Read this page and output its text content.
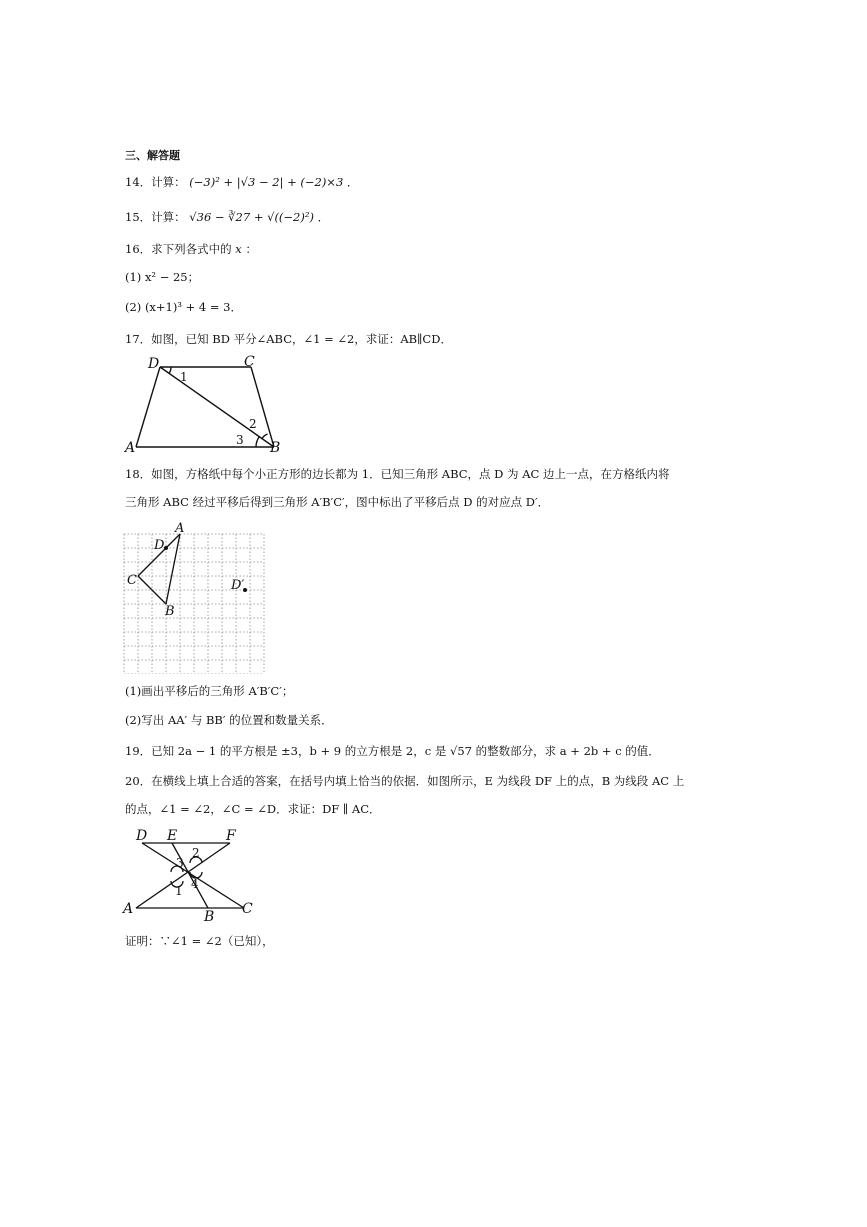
三、解答题
14．计算： (−3)² + |√3 − 2| + (−2)×3 ．
15．计算： √36 − ∛27 + √((−2)²) ．
16．求下列各式中的 x ：
(1) x² − 25；
(2) (x+1)³ + 4 = 3．
17．如图，已知 BD 平分∠ABC，∠1 = ∠2，求证：AB∥CD．
D	C
A	B
1
2
3
18．如图，方格纸中每个小正方形的边长都为 1．已知三角形 ABC，点 D 为 AC 边上一点，在方格纸内将
三角形 ABC 经过平移后得到三角形 A′B′C′，图中标出了平移后点 D 的对应点 D′．
A
D
C
B
D′
(1)画出平移后的三角形 A′B′C′；
(2)写出 AA′ 与 BB′ 的位置和数量关系．
19．已知 2a − 1 的平方根是 ±3，b + 9 的立方根是 2，c 是 √57 的整数部分，求 a + 2b + c 的值．
20．在横线上填上合适的答案，在括号内填上恰当的依据．如图所示，E 为线段 DF 上的点，B 为线段 AC 上
的点，∠1 = ∠2，∠C = ∠D．求证：DF ∥ AC．
D E	F
A	B C
1
2
3
4
证明：∵∠1 = ∠2（已知），
